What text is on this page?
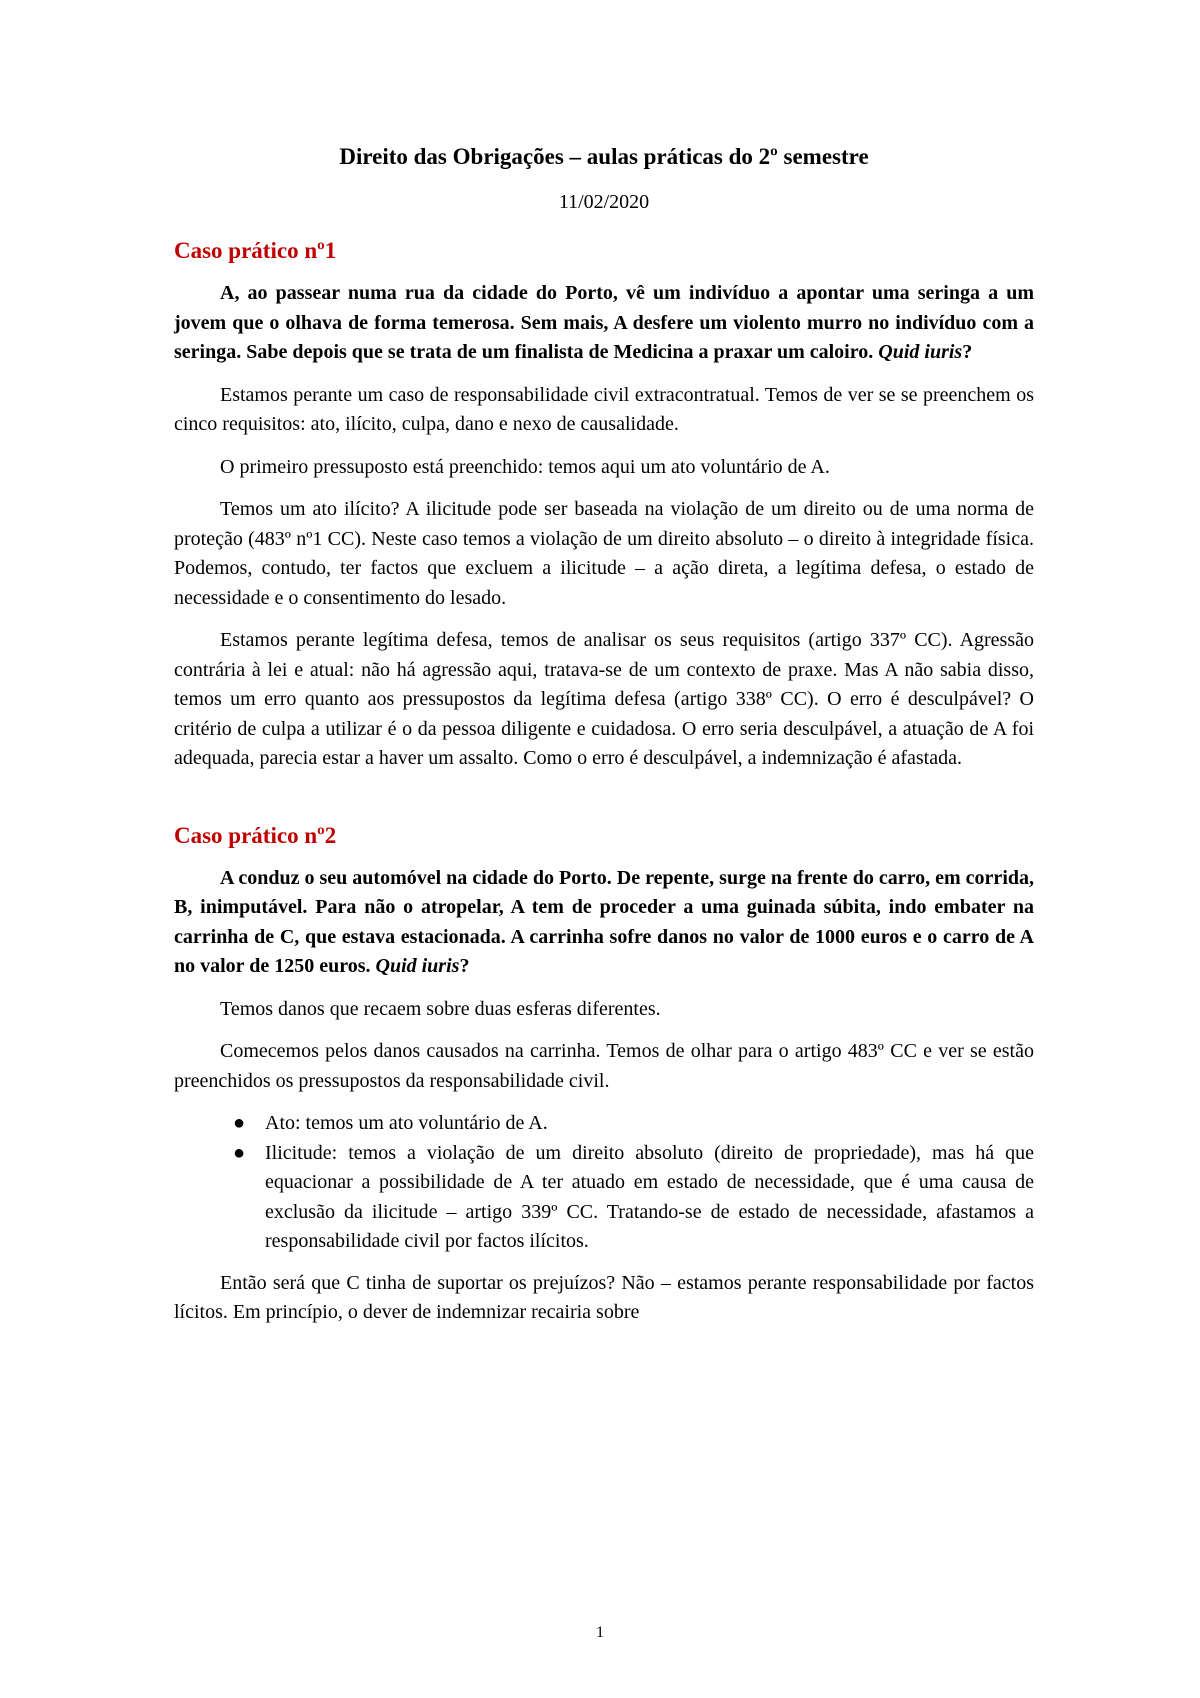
Direito das Obrigações – aulas práticas do 2º semestre
11/02/2020
Caso prático nº1

A, ao passear numa rua da cidade do Porto, vê um indivíduo a apontar uma seringa a um jovem que o olhava de forma temerosa. Sem mais, A desfere um violento murro no indivíduo com a seringa. Sabe depois que se trata de um finalista de Medicina a praxar um caloiro. Quid iuris?

Estamos perante um caso de responsabilidade civil extracontratual. Temos de ver se se preenchem os cinco requisitos: ato, ilícito, culpa, dano e nexo de causalidade.

O primeiro pressuposto está preenchido: temos aqui um ato voluntário de A.

Temos um ato ilícito? A ilicitude pode ser baseada na violação de um direito ou de uma norma de proteção (483º nº1 CC). Neste caso temos a violação de um direito absoluto – o direito à integridade física. Podemos, contudo, ter factos que excluem a ilicitude – a ação direta, a legítima defesa, o estado de necessidade e o consentimento do lesado.

Estamos perante legítima defesa, temos de analisar os seus requisitos (artigo 337º CC). Agressão contrária à lei e atual: não há agressão aqui, tratava-se de um contexto de praxe. Mas A não sabia disso, temos um erro quanto aos pressupostos da legítima defesa (artigo 338º CC). O erro é desculpável? O critério de culpa a utilizar é o da pessoa diligente e cuidadosa. O erro seria desculpável, a atuação de A foi adequada, parecia estar a haver um assalto. Como o erro é desculpável, a indemnização é afastada.

Caso prático nº2

A conduz o seu automóvel na cidade do Porto. De repente, surge na frente do carro, em corrida, B, inimputável. Para não o atropelar, A tem de proceder a uma guinada súbita, indo embater na carrinha de C, que estava estacionada. A carrinha sofre danos no valor de 1000 euros e o carro de A no valor de 1250 euros. Quid iuris?

Temos danos que recaem sobre duas esferas diferentes.

Comecemos pelos danos causados na carrinha. Temos de olhar para o artigo 483º CC e ver se estão preenchidos os pressupostos da responsabilidade civil.

● Ato: temos um ato voluntário de A.
● Ilicitude: temos a violação de um direito absoluto (direito de propriedade), mas há que equacionar a possibilidade de A ter atuado em estado de necessidade, que é uma causa de exclusão da ilicitude – artigo 339º CC. Tratando-se de estado de necessidade, afastamos a responsabilidade civil por factos ilícitos.

Então será que C tinha de suportar os prejuízos? Não – estamos perante responsabilidade por factos lícitos. Em princípio, o dever de indemnizar recairia sobre

1
